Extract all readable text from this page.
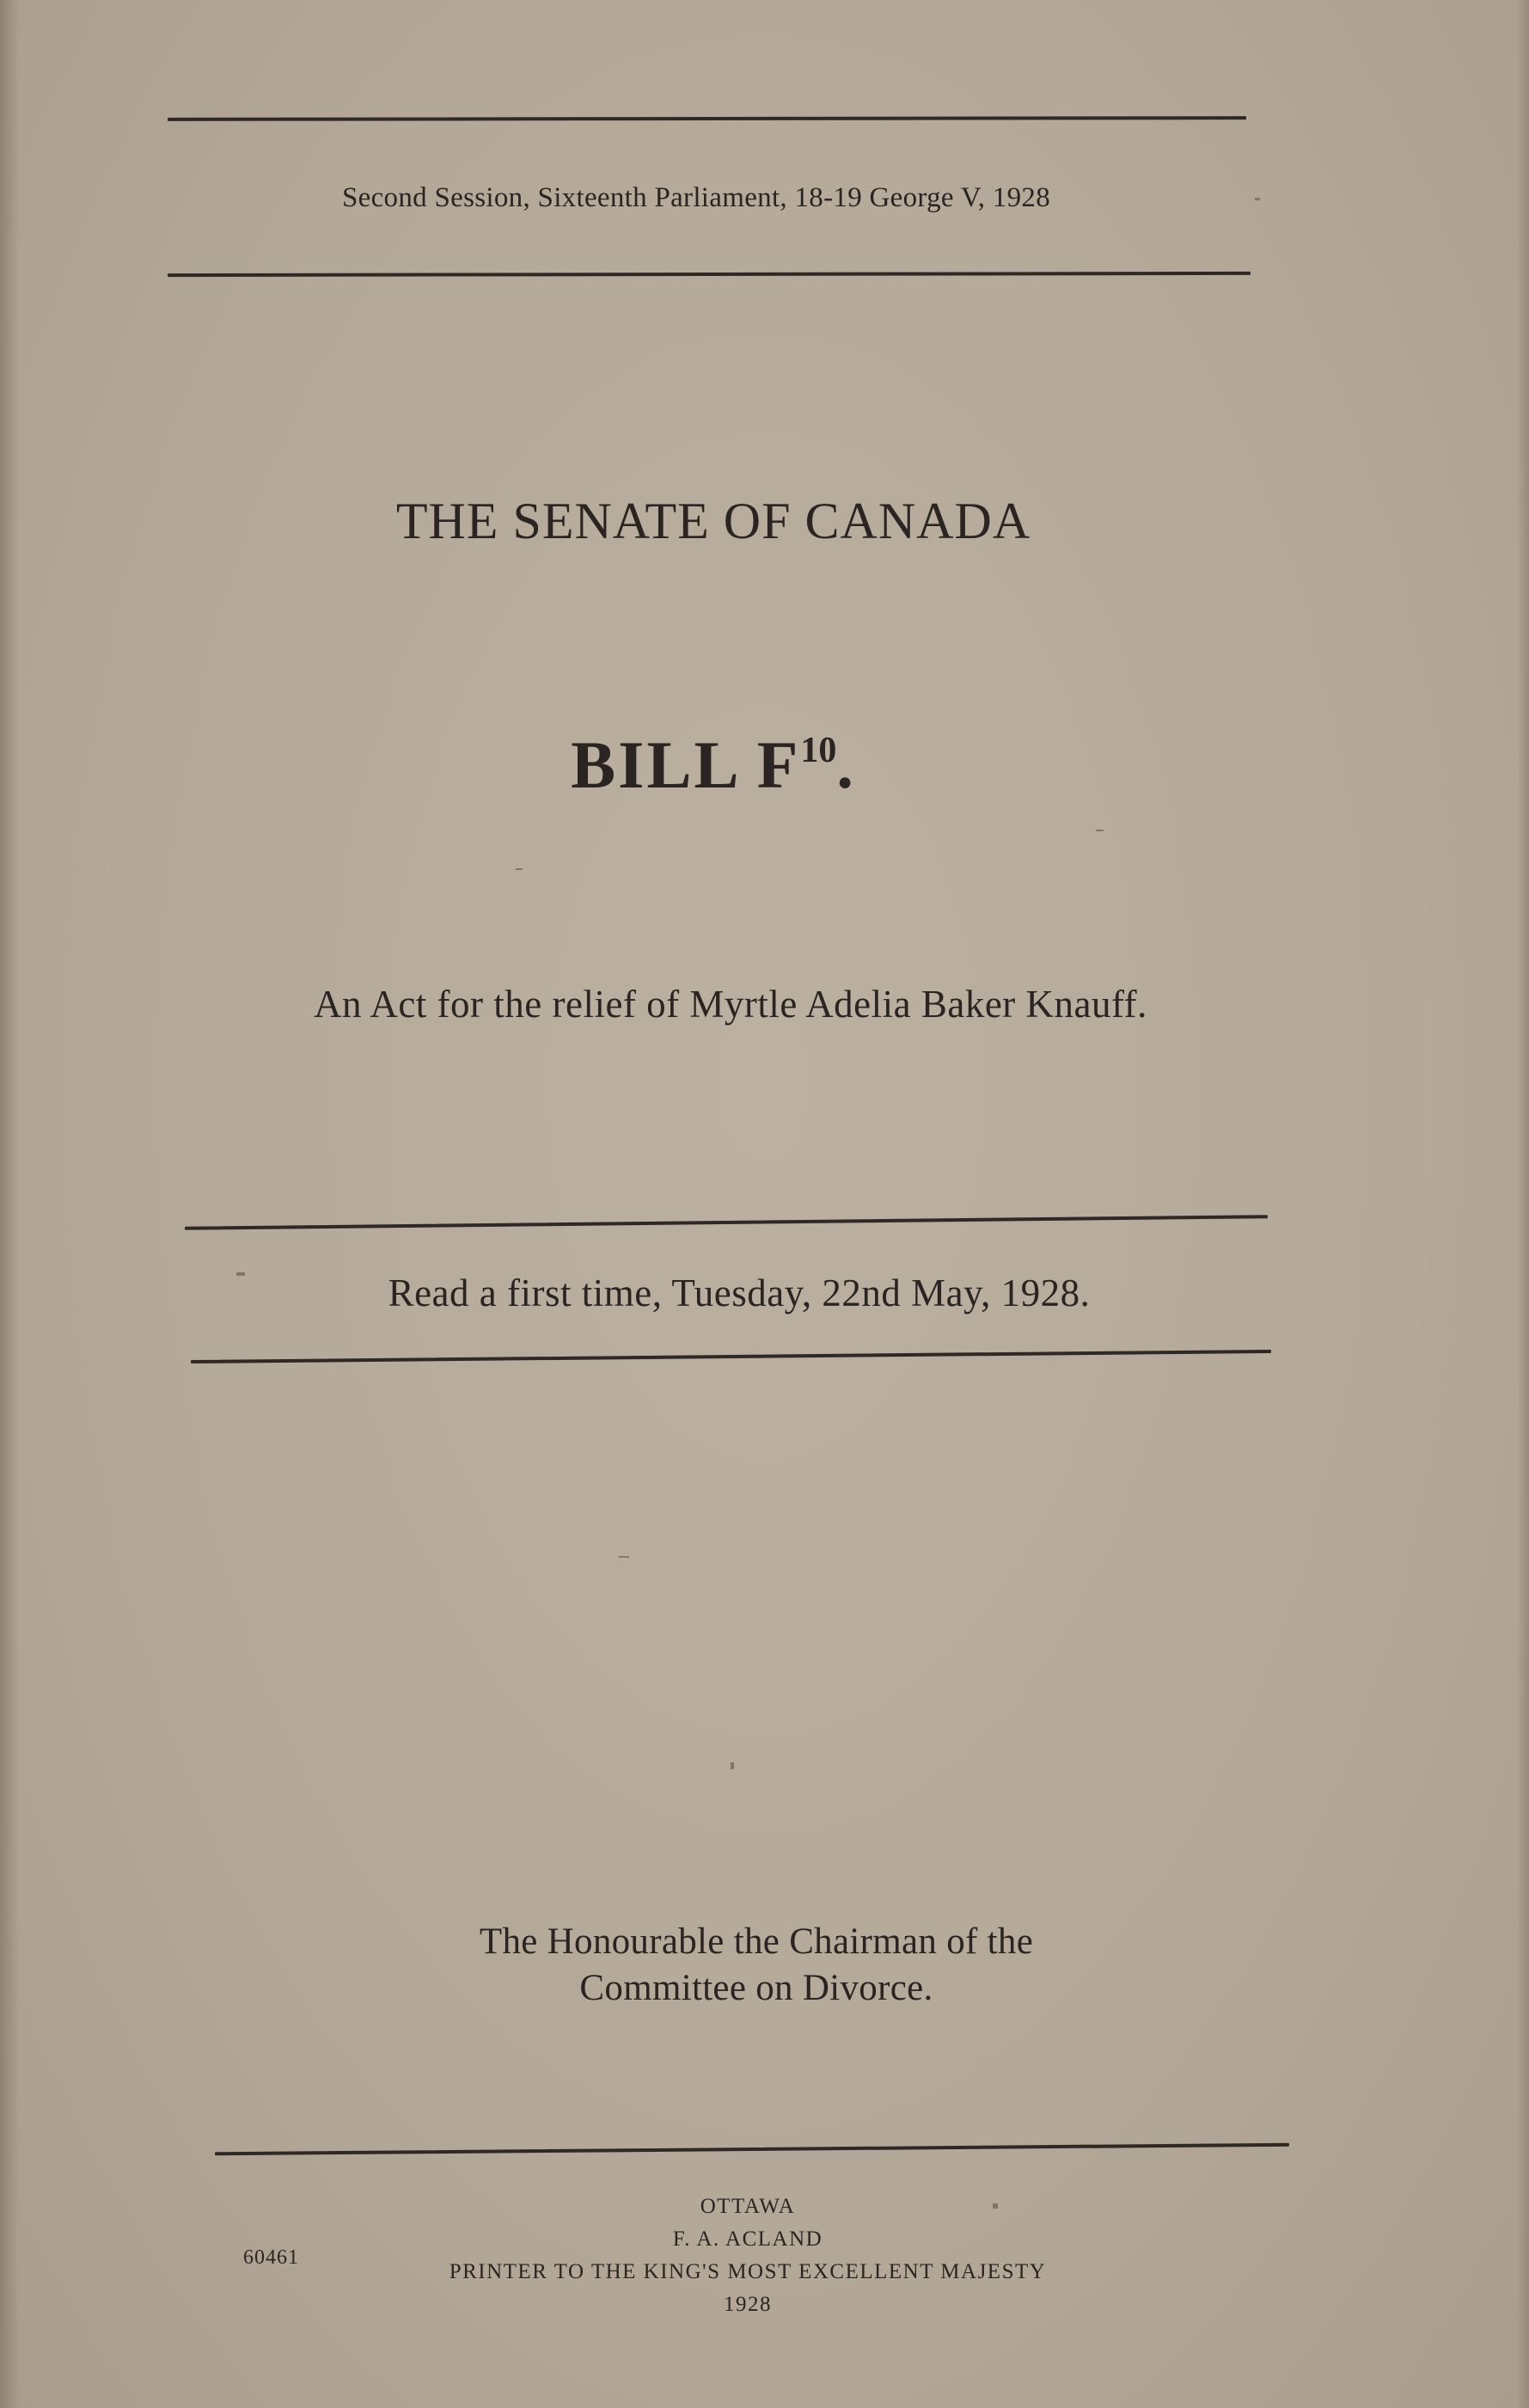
Second Session, Sixteenth Parliament, 18-19 George V, 1928
THE SENATE OF CANADA
BILL $F^{10}$.
An Act for the relief of Myrtle Adelia Baker Knauff.
Read a first time, Tuesday, 22nd May, 1928.
The Honourable the Chairman of the
Committee on Divorce.
OTTAWA
F. A. ACLAND
PRINTER TO THE KING'S MOST EXCELLENT MAJESTY
1928
60461
